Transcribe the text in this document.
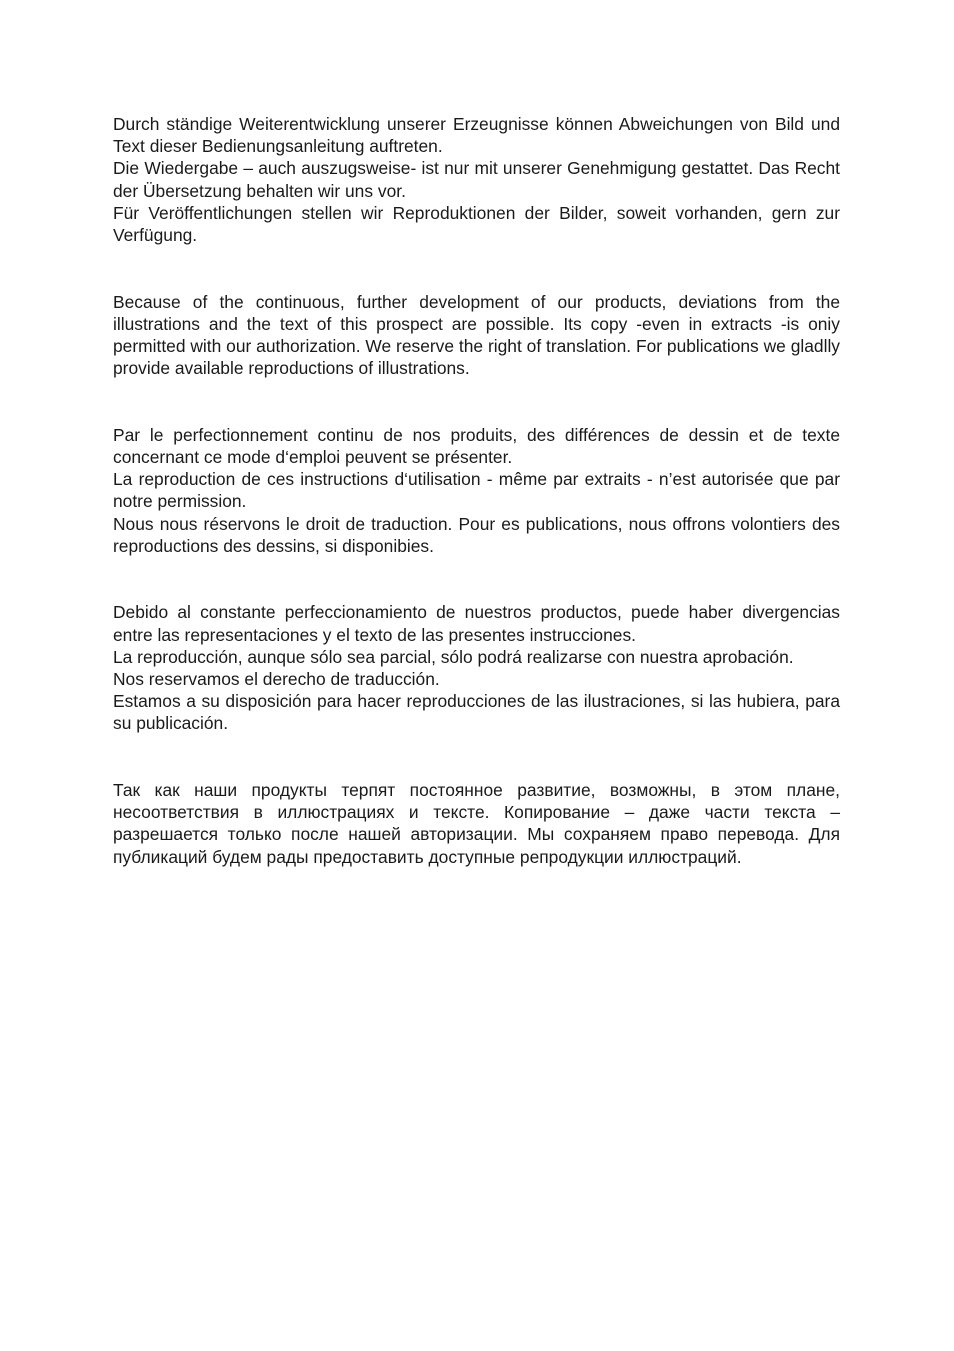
Durch ständige Weiterentwicklung unserer Erzeugnisse können Abweichungen von Bild und Text dieser Bedienungsanleitung auftreten.

Die Wiedergabe – auch auszugsweise- ist nur mit unserer Genehmigung gestattet. Das Recht der Übersetzung behalten wir uns vor.

Für Veröffentlichungen stellen wir Reproduktionen der Bilder, soweit vorhanden, gern zur Verfügung.

Because of the continuous, further development of our products, deviations from the illustrations and the text of this prospect are possible. Its copy -even in extracts -is oniy permitted with our authorization. We reserve the right of translation. For publications we gladlly provide available reproductions of illustrations.

Par le perfectionnement continu de nos produits, des différences de dessin et de texte concernant ce mode d‘emploi peuvent se présenter.

La reproduction de ces instructions d‘utilisation - même par extraits - n’est autorisée que par notre permission.

Nous nous réservons le droit de traduction. Pour es publications, nous offrons volontiers des reproductions des dessins, si disponibies.

Debido al constante perfeccionamiento de nuestros productos, puede haber divergencias entre las representaciones y el texto de las presentes instrucciones.

La reproducción, aunque sólo sea parcial, sólo podrá realizarse con nuestra aprobación.

Nos reservamos el derecho de traducción.

Estamos a su disposición para hacer reproducciones de las ilustraciones, si las hubiera, para su publicación.

Так как наши продукты терпят постоянное развитие, возможны, в этом плане, несоответствия в иллюстрациях и тексте. Копирование – даже части текста – разрешается только после нашей авторизации. Мы сохраняем право перевода. Для публикаций будем рады предоставить доступные репродукции иллюстраций.
